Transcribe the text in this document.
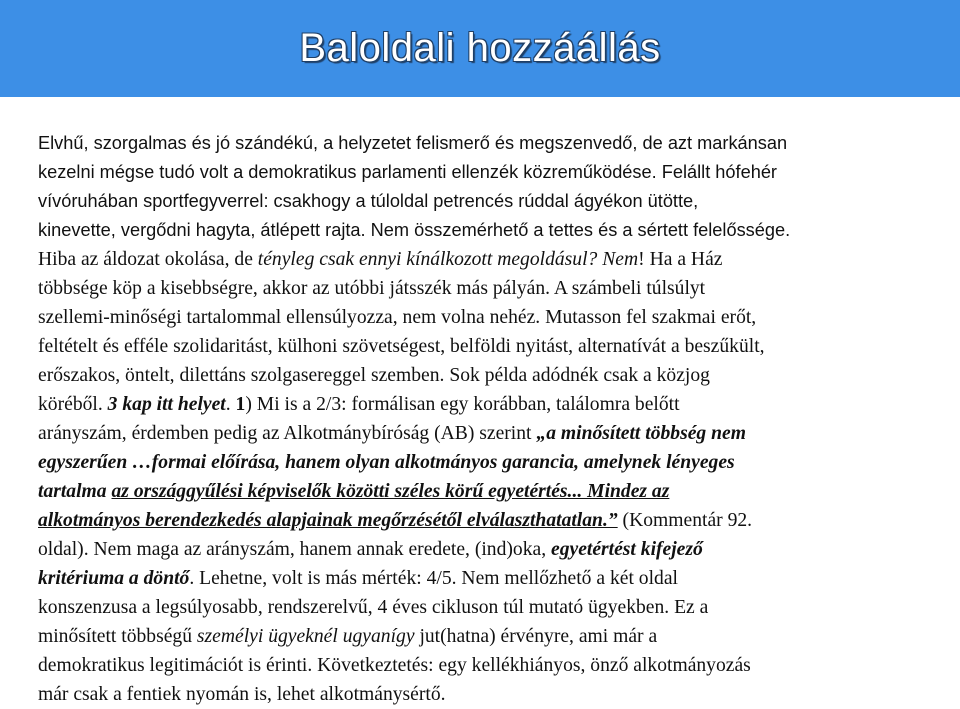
Baloldali hozzáállás
Elvhű, szorgalmas és jó szándékú, a helyzetet felismerő és megszenvedő, de azt markánsan
kezelni mégse tudó volt a demokratikus parlamenti ellenzék közreműködése. Felállt hófehér
vívóruhában sportfegyverrel: csakhogy a túloldal petrencés rúddal ágyékon ütötte,
kinevette, vergődni hagyta, átlépett rajta. Nem összemérhető a tettes és a sértett felelőssége.
Hiba az áldozat okolása, de tényleg csak ennyi kínálkozott megoldásul? Nem! Ha a Ház
többsége köp a kisebbségre, akkor az utóbbi játsszék más pályán. A számbeli túlsúlyt
szellemi-minőségi tartalommal ellensúlyozza, nem volna nehéz. Mutasson fel szakmai erőt,
feltételt és efféle szolidaritást, külhoni szövetségest, belföldi nyitást, alternatívát a beszűkült,
erőszakos, öntelt, dilettáns szolgasereggel szemben. Sok példa adódnék csak a közjog
köréből. 3 kap itt helyet. 1) Mi is a 2/3: formálisan egy korábban, találomra belőtt
arányszám, érdemben pedig az Alkotmánybíróság (AB) szerint „a minősített többség nem
egyszerűen …formai előírása, hanem olyan alkotmányos garancia, amelynek lényeges
tartalma az országgyűlési képviselők közötti széles körű egyetértés... Mindez az
alkotmányos berendezkedés alapjainak megőrzésétől elválaszthatatlan.” (Kommentár 92.
oldal). Nem maga az arányszám, hanem annak eredete, (ind)oka, egyetértést kifejező
kritériuma a döntő. Lehetne, volt is más mérték: 4/5. Nem mellőzhető a két oldal
konszenzusa a legsúlyosabb, rendszerelvű, 4 éves cikluson túl mutató ügyekben. Ez a
minősített többségű személyi ügyeknél ugyanígy jut(hatna) érvényre, ami már a
demokratikus legitimációt is érinti. Következtetés: egy kellékhiányos, önző alkotmányozás
már csak a fentiek nyomán is, lehet alkotmánysértő.
